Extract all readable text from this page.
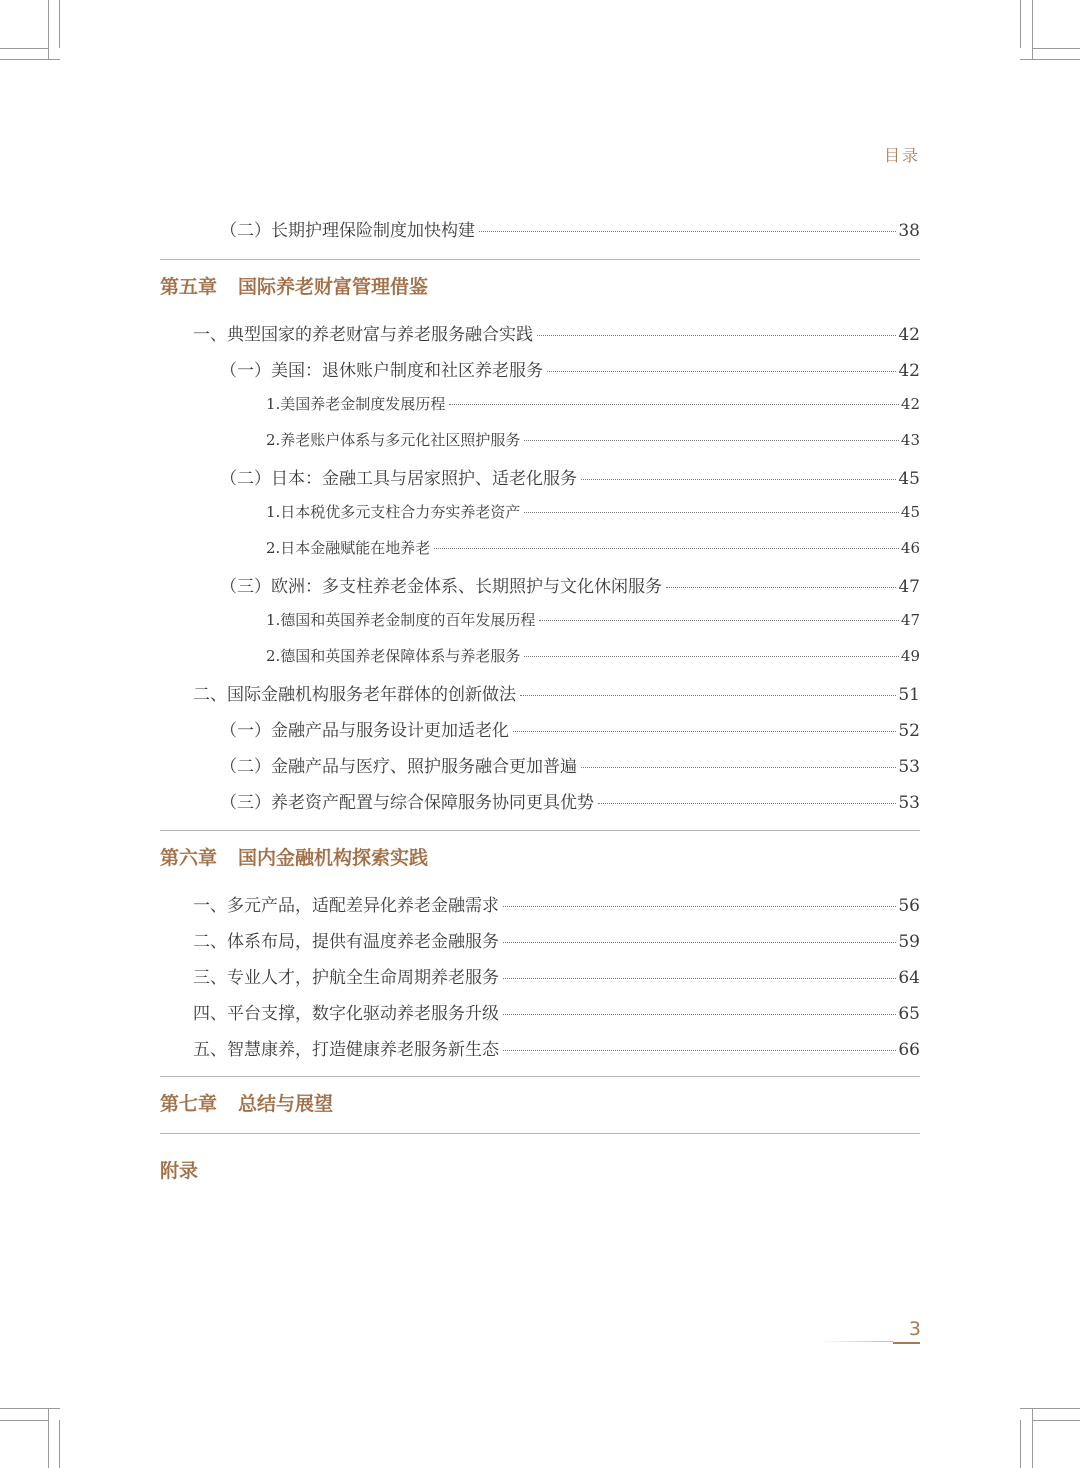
目录
（二）长期护理保险制度加快构建	38
第五章 国际养老财富管理借鉴
一、典型国家的养老财富与养老服务融合实践	42
（一）美国：退休账户制度和社区养老服务	42
1.美国养老金制度发展历程	42
2.养老账户体系与多元化社区照护服务	43
（二）日本：金融工具与居家照护、适老化服务	45
1.日本税优多元支柱合力夯实养老资产	45
2.日本金融赋能在地养老	46
（三）欧洲：多支柱养老金体系、长期照护与文化休闲服务	47
1.德国和英国养老金制度的百年发展历程	47
2.德国和英国养老保障体系与养老服务	49
二、国际金融机构服务老年群体的创新做法	51
（一）金融产品与服务设计更加适老化	52
（二）金融产品与医疗、照护服务融合更加普遍	53
（三）养老资产配置与综合保障服务协同更具优势	53
第六章 国内金融机构探索实践
一、多元产品，适配差异化养老金融需求	56
二、体系布局，提供有温度养老金融服务	59
三、专业人才，护航全生命周期养老服务	64
四、平台支撑，数字化驱动养老服务升级	65
五、智慧康养，打造健康养老服务新生态	66
第七章 总结与展望
附录
3
